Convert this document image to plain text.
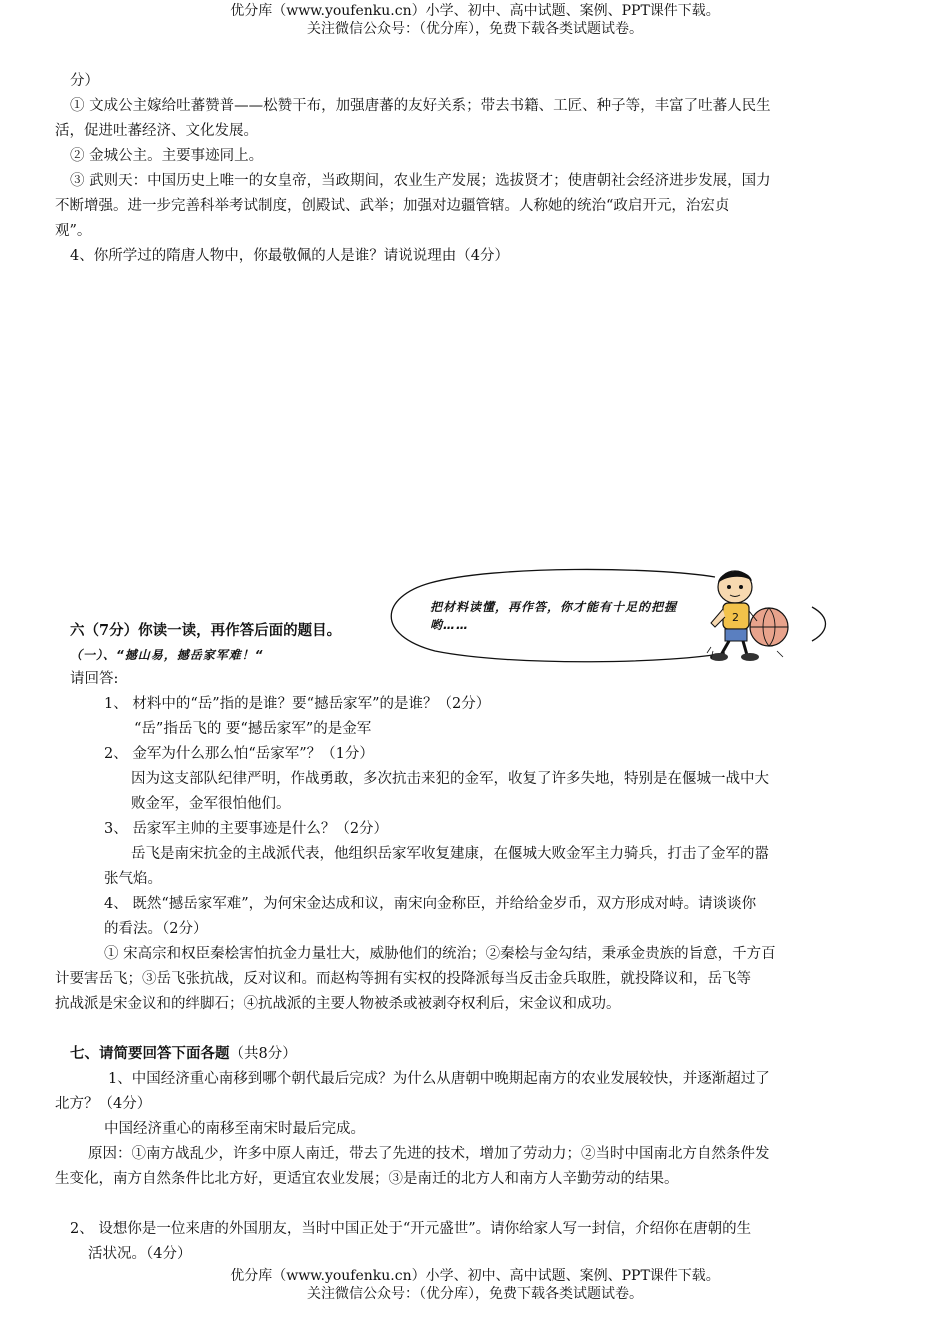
优分库（www.youfenku.cn）小学、初中、高中试题、案例、PPT课件下载。
关注微信公众号：（优分库），免费下载各类试题试卷。
分）
① 文成公主嫁给吐蕃赞普——松赞干布，加强唐蕃的友好关系；带去书籍、工匠、种子等，丰富了吐蕃人民生
活，促进吐蕃经济、文化发展。
② 金城公主。主要事迹同上。
③ 武则天：中国历史上唯一的女皇帝，当政期间，农业生产发展；选拔贤才；使唐朝社会经济进步发展，国力
不断增强。进一步完善科举考试制度，创殿试、武举；加强对边疆管辖。人称她的统治“政启开元，治宏贞
观”。
4、你所学过的隋唐人物中，你最敬佩的人是谁？请说说理由（4分）
把材料读懂，再作答，你才能有十足的把握哟……
2
六（7分）你读一读，再作答后面的题目。
（一）、“撼山易，撼岳家军难！“
请回答:
1、 材料中的“岳”指的是谁？要“撼岳家军”的是谁？（2分）
“岳”指岳飞的 要“撼岳家军”的是金军
2、 金军为什么那么怕“岳家军”？（1分）
因为这支部队纪律严明，作战勇敢，多次抗击来犯的金军，收复了许多失地，特别是在偃城一战中大
败金军，金军很怕他们。
3、 岳家军主帅的主要事迹是什么？（2分）
岳飞是南宋抗金的主战派代表，他组织岳家军收复建康，在偃城大败金军主力骑兵，打击了金军的嚣
张气焰。
4、 既然“撼岳家军难”，为何宋金达成和议，南宋向金称臣，并给给金岁币，双方形成对峙。请谈谈你
的看法。（2分）
① 宋高宗和权臣秦桧害怕抗金力量壮大，威胁他们的统治；②秦桧与金勾结，秉承金贵族的旨意，千方百
计要害岳飞；③岳飞张抗战，反对议和。而赵构等拥有实权的投降派每当反击金兵取胜，就投降议和，岳飞等
抗战派是宋金议和的绊脚石；④抗战派的主要人物被杀或被剥夺权利后，宋金议和成功。
七、请简要回答下面各题（共8分）
1、中国经济重心南移到哪个朝代最后完成？为什么从唐朝中晚期起南方的农业发展较快，并逐渐超过了
北方？（4分）
中国经济重心的南移至南宋时最后完成。
原因：①南方战乱少，许多中原人南迁，带去了先进的技术，增加了劳动力；②当时中国南北方自然条件发
生变化，南方自然条件比北方好，更适宜农业发展；③是南迁的北方人和南方人辛勤劳动的结果。
2、 设想你是一位来唐的外国朋友，当时中国正处于“开元盛世”。请你给家人写一封信，介绍你在唐朝的生
活状况。（4分）
优分库（www.youfenku.cn）小学、初中、高中试题、案例、PPT课件下载。
关注微信公众号：（优分库），免费下载各类试题试卷。
